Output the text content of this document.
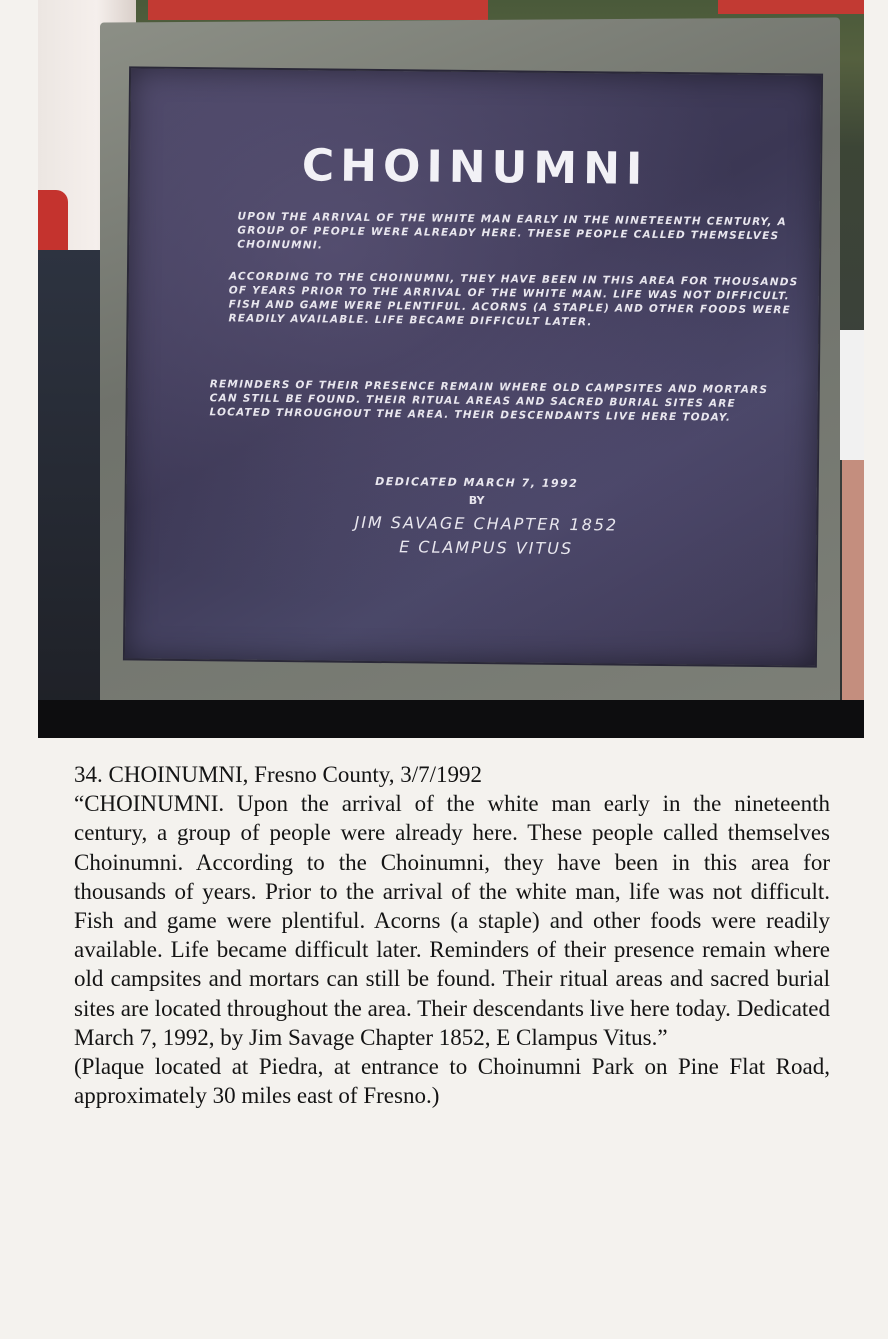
CHOINUMNI
UPON THE ARRIVAL OF THE WHITE MAN EARLY IN THE NINETEENTH CENTURY, A GROUP OF PEOPLE WERE ALREADY HERE. THESE PEOPLE CALLED THEMSELVES CHOINUMNI.
ACCORDING TO THE CHOINUMNI, THEY HAVE BEEN IN THIS AREA FOR THOUSANDS OF YEARS PRIOR TO THE ARRIVAL OF THE WHITE MAN. LIFE WAS NOT DIFFICULT. FISH AND GAME WERE PLENTIFUL. ACORNS (A STAPLE) AND OTHER FOODS WERE READILY AVAILABLE. LIFE BECAME DIFFICULT LATER.
REMINDERS OF THEIR PRESENCE REMAIN WHERE OLD CAMPSITES AND MORTARS CAN STILL BE FOUND. THEIR RITUAL AREAS AND SACRED BURIAL SITES ARE LOCATED THROUGHOUT THE AREA. THEIR DESCENDANTS LIVE HERE TODAY.
DEDICATED MARCH 7, 1992
BY
JIM SAVAGE CHAPTER 1852
E CLAMPUS VITUS
34. CHOINUMNI, Fresno County, 3/7/1992
“CHOINUMNI. Upon the arrival of the white man early in the nineteenth century, a group of people were already here. These people called themselves Choinumni. According to the Choinumni, they have been in this area for thousands of years. Prior to the arrival of the white man, life was not difficult. Fish and game were plentiful. Acorns (a staple) and other foods were readily available. Life became difficult later. Reminders of their presence remain where old campsites and mortars can still be found. Their ritual areas and sacred burial sites are located throughout the area. Their descendants live here today. Dedicated March 7, 1992, by Jim Savage Chapter 1852, E Clampus Vitus.”
(Plaque located at Piedra, at entrance to Choinumni Park on Pine Flat Road, approximately 30 miles east of Fresno.)
